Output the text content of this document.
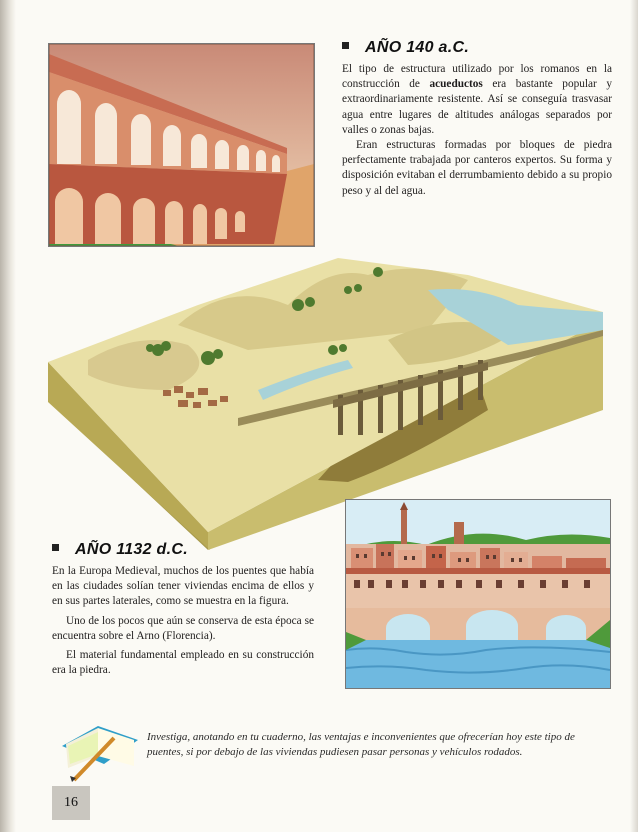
AÑO 140 a.C.

El tipo de estructura utilizado por los romanos en la construcción de acueductos era bastante popular y extraordinariamente resistente. Así se conseguía trasvasar agua entre lugares de altitudes análogas separados por valles o zonas bajas.

Eran estructuras formadas por bloques de piedra perfectamente trabajada por canteros expertos. Su forma y disposición evitaban el derrumbamiento debido a su propio peso y al del agua.

AÑO 1132 d.C.

En la Europa Medieval, muchos de los puentes que había en las ciudades solían tener viviendas encima de ellos y en sus partes laterales, como se muestra en la figura.

Uno de los pocos que aún se conserva de esta época se encuentra sobre el Arno (Florencia).

El material fundamental empleado en su construcción era la piedra.

Investiga, anotando en tu cuaderno, las ventajas e inconvenientes que ofrecerían hoy este tipo de puentes, si por debajo de las viviendas pudiesen pasar personas y vehículos rodados.
16
